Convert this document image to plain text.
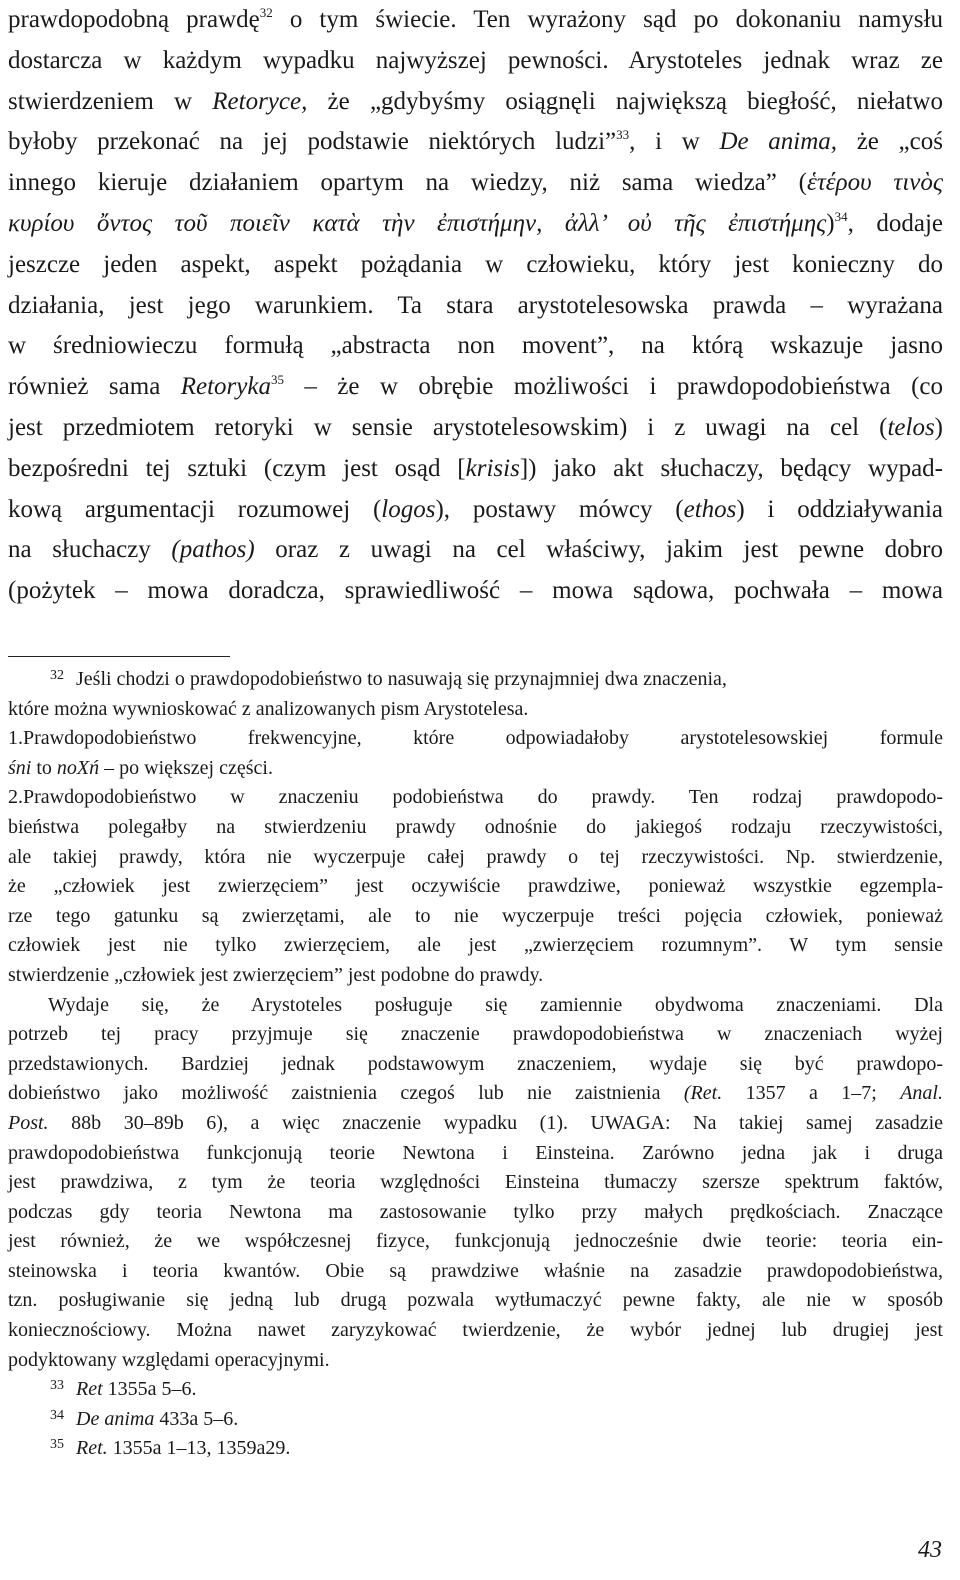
prawdopodobną prawdę$^{32}$ o tym świecie. Ten wyrażony sąd po dokonaniu namysłu
dostarcza w każdym wypadku najwyższej pewności. Arystoteles jednak wraz ze
stwierdzeniem w Retoryce, że „gdybyśmy osiągnęli największą biegłość, niełatwo
byłoby przekonać na jej podstawie niektórych ludzi”$^{33}$, i w De anima, że „coś
innego kieruje działaniem opartym na wiedzy, niż sama wiedza” (ἑτέρου τινὸς
κυρίου ὄντος τοῦ ποιεῖν κατὰ τὴν ἐπιστήμην, ἀλλ’ οὐ τῆς ἐπιστήμης)$^{34}$, dodaje
jeszcze jeden aspekt, aspekt pożądania w człowieku, który jest konieczny do
działania, jest jego warunkiem. Ta stara arystotelesowska prawda – wyrażana
w średniowieczu formułą „abstracta non movent”, na którą wskazuje jasno
również sama Retoryka$^{35}$ – że w obrębie możliwości i prawdopodobieństwa (co
jest przedmiotem retoryki w sensie arystotelesowskim) i z uwagi na cel (telos)
bezpośredni tej sztuki (czym jest osąd [krisis]) jako akt słuchaczy, będący wypad-
kową argumentacji rozumowej (logos), postawy mówcy (ethos) i oddziaływania
na słuchaczy (pathos) oraz z uwagi na cel właściwy, jakim jest pewne dobro
(pożytek – mowa doradcza, sprawiedliwość – mowa sądowa, pochwała – mowa

$^{32}$ Jeśli chodzi o prawdopodobieństwo to nasuwają się przynajmniej dwa znaczenia,
które można wywnioskować z analizowanych pism Arystotelesa.

1.Prawdopodobieństwo frekwencyjne, które odpowiadałoby arystotelesowskiej formule
śni to noXń – po większej części.
2.Prawdopodobieństwo w znaczeniu podobieństwa do prawdy. Ten rodzaj prawdopodo-
bieństwa polegałby na stwierdzeniu prawdy odnośnie do jakiegoś rodzaju rzeczywistości,
ale takiej prawdy, która nie wyczerpuje całej prawdy o tej rzeczywistości. Np. stwierdzenie,
że „człowiek jest zwierzęciem” jest oczywiście prawdziwe, ponieważ wszystkie egzempla-
rze tego gatunku są zwierzętami, ale to nie wyczerpuje treści pojęcia człowiek, ponieważ
człowiek jest nie tylko zwierzęciem, ale jest „zwierzęciem rozumnym”. W tym sensie
stwierdzenie „człowiek jest zwierzęciem” jest podobne do prawdy.
Wydaje się, że Arystoteles posługuje się zamiennie obydwoma znaczeniami. Dla
potrzeb tej pracy przyjmuje się znaczenie prawdopodobieństwa w znaczeniach wyżej
przedstawionych. Bardziej jednak podstawowym znaczeniem, wydaje się być prawdopo-
dobieństwo jako możliwość zaistnienia czegoś lub nie zaistnienia (Ret. 1357 a 1–7; Anal.
Post. 88b 30–89b 6), a więc znaczenie wypadku (1). UWAGA: Na takiej samej zasadzie
prawdopodobieństwa funkcjonują teorie Newtona i Einsteina. Zarówno jedna jak i druga
jest prawdziwa, z tym że teoria względności Einsteina tłumaczy szersze spektrum faktów,
podczas gdy teoria Newtona ma zastosowanie tylko przy małych prędkościach. Znaczące
jest również, że we współczesnej fizyce, funkcjonują jednocześnie dwie teorie: teoria ein-
steinowska i teoria kwantów. Obie są prawdziwe właśnie na zasadzie prawdopodobieństwa,
tzn. posługiwanie się jedną lub drugą pozwala wytłumaczyć pewne fakty, ale nie w sposób
koniecznościowy. Można nawet zaryzykować twierdzenie, że wybór jednej lub drugiej jest
podyktowany względami operacyjnymi.

$^{33}$ Ret 1355a 5–6.

$^{34}$ De anima 433a 5–6.

$^{35}$ Ret. 1355a 1–13, 1359a29.

43
